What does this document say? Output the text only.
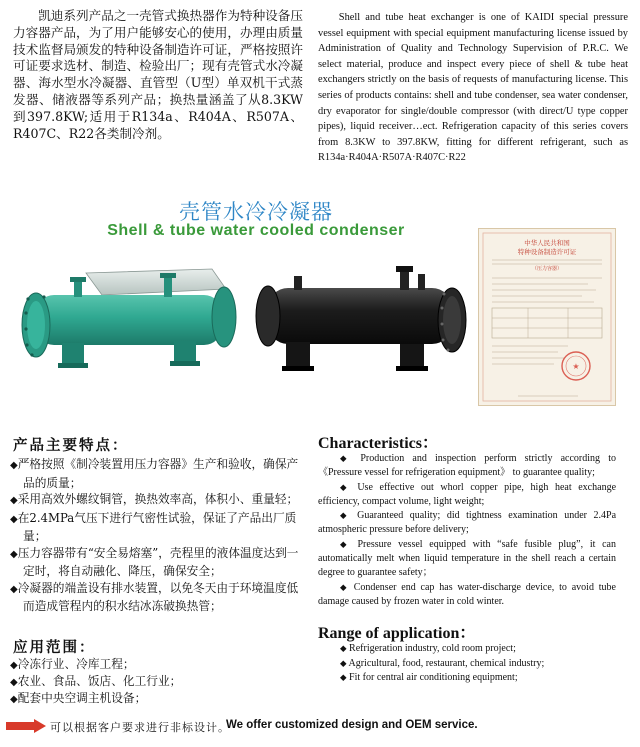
凯迪系列产品之一壳管式换热器作为特种设备压力容器产品，为了用户能够安心的使用，办理由质量技术监督局颁发的特种设备制造许可证，严格按照许可证要求选材、制造、检验出厂；现有壳管式水冷凝器、海水型水冷凝器、直管型（U型）单双机干式蒸发器、储液器等系列产品；换热量涵盖了从8.3KW到397.8KW;适用于R134a、R404A、R507A、R407C、R22各类制冷剂。
Shell and tube heat exchanger is one of KAIDI special pressure vessel equipment with special equipment manufacturing license issued by Administration of Quality and Technology Supervision of P.R.C. We select material, produce and inspect every piece of shell & tube heat exchangers strictly on the basis of requests of manufacturing license. This series of products contains: shell and tube condenser, sea water condenser, dry evaporator for single/double compressor (with direct/U type copper pipes), liquid receiver…ect. Refrigeration capacity of this series covers from 8.3KW to 397.8KW, fitting for different refrigerant, such as R134a·R404A·R507A·R407C·R22
壳管水冷冷凝器
Shell & tube water cooled condenser
中华人民共和国
特种设备制造许可证
（压力容器）
★
产品主要特点：
◆严格按照《制冷装置用压力容器》生产和验收，确保产品的质量；
◆采用高效外螺纹铜管，换热效率高，体积小、重量轻；
◆在2.4MPa气压下进行气密性试验，保证了产品出厂质量；
◆压力容器带有“安全易熔塞”，壳程里的液体温度达到一定时，将自动融化、降压，确保安全；
◆冷凝器的端盖设有排水装置，以免冬天由于环境温度低而造成管程内的积水结冰冻破换热管；
Characteristics：
◆ Production and inspection perform strictly according to 《Pressure vessel for refrigeration equipment》 to guarantee quality;
◆ Use effective out whorl copper pipe, high heat exchange efficiency, compact volume, light weight;
◆ Guaranteed quality; did tightness examination under 2.4Pa atmospheric pressure before delivery;
◆ Pressure vessel equipped with “safe fusible plug”, it can automatically melt when liquid temperature in the shell reach a certain degree to guarantee safety；
◆ Condenser end cap has water-discharge device, to avoid tube damage caused by frozen water in cold winter.
应用范围：
◆冷冻行业、冷库工程；
◆农业、食品、饭店、化工行业；
◆配套中央空调主机设备；
Range of application：
◆ Refrigeration industry, cold room project;
◆ Agricultural, food, restaurant, chemical industry;
◆ Fit for central air conditioning equipment;
可以根据客户要求进行非标设计。
We offer customized design and OEM service.
